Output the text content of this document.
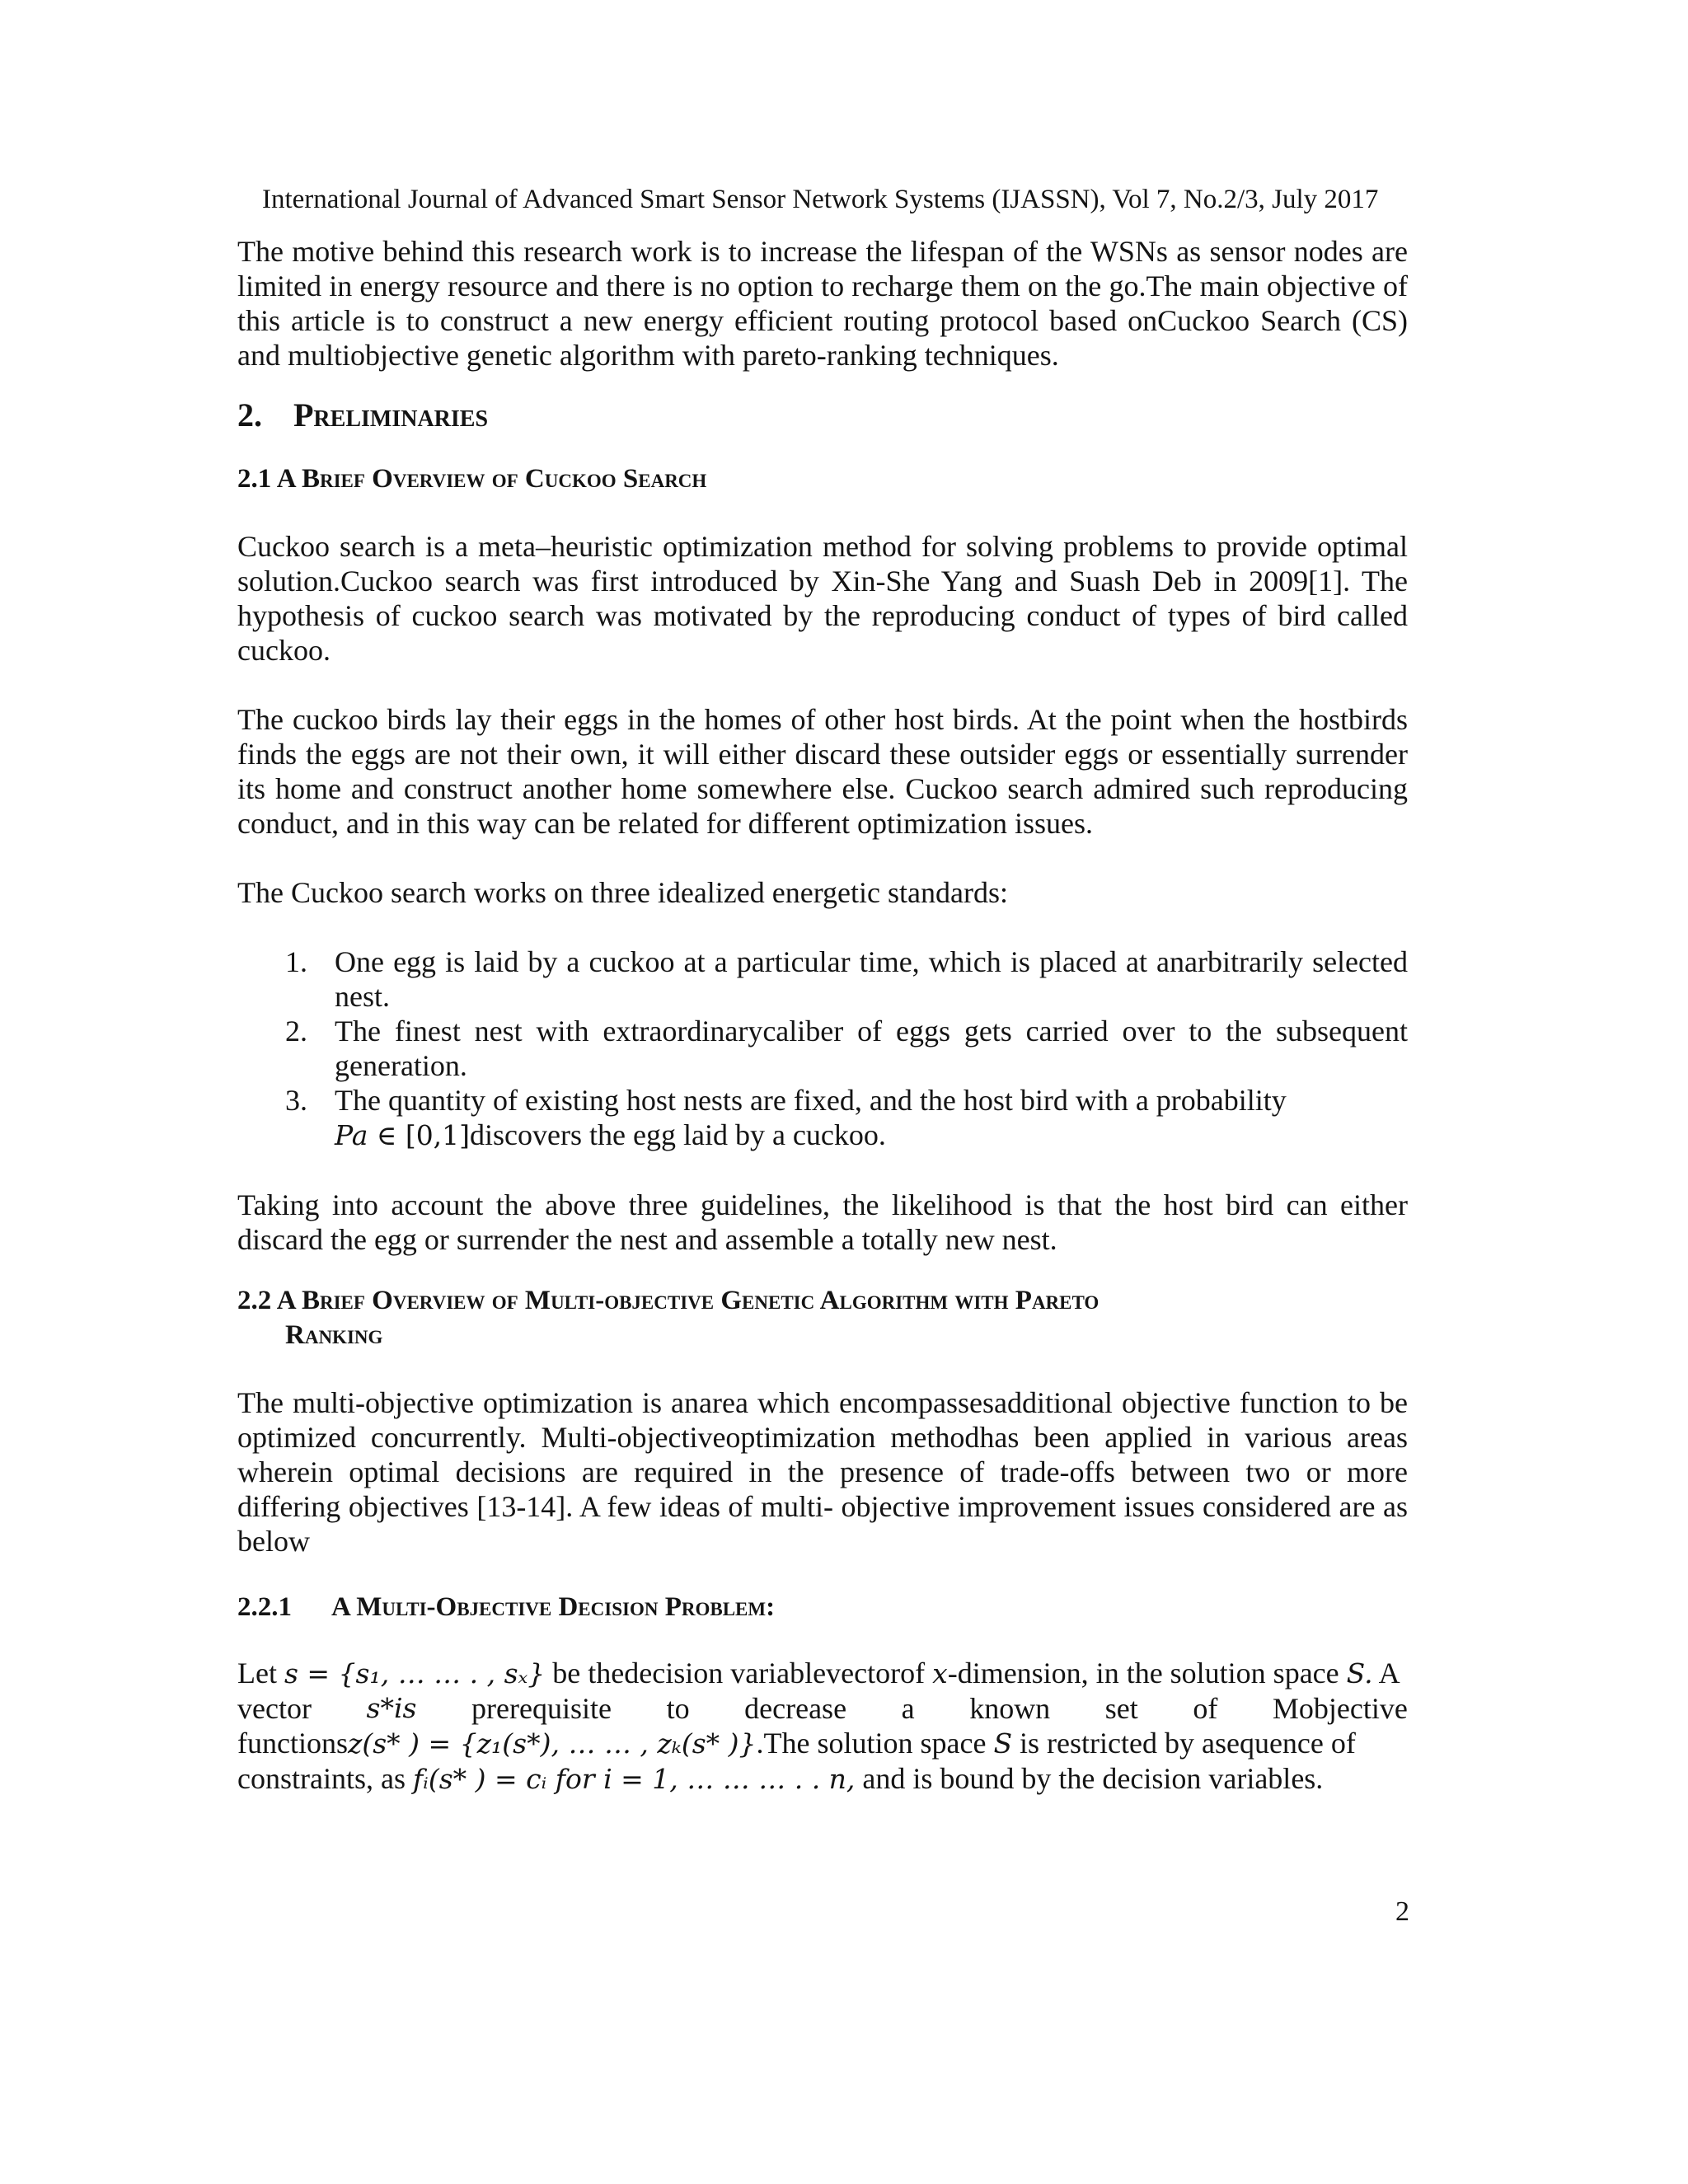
International Journal of Advanced Smart Sensor Network Systems (IJASSN), Vol 7, No.2/3, July 2017

The motive behind this research work is to increase the lifespan of the WSNs as sensor nodes are limited in energy resource and there is no option to recharge them on the go.The main objective of this article is to construct a new energy efficient routing protocol based onCuckoo Search (CS) and multiobjective genetic algorithm with pareto-ranking techniques.

2. Preliminaries
2.1 A Brief Overview of Cuckoo Search

Cuckoo search is a meta–heuristic optimization method for solving problems to provide optimal solution.Cuckoo search was first introduced by Xin-She Yang and Suash Deb in 2009[1]. The hypothesis of cuckoo search was motivated by the reproducing conduct of types of bird called cuckoo.

The cuckoo birds lay their eggs in the homes of other host birds. At the point when the hostbirds finds the eggs are not their own, it will either discard these outsider eggs or essentially surrender its home and construct another home somewhere else. Cuckoo search admired such reproducing conduct, and in this way can be related for different optimization issues.

The Cuckoo search works on three idealized energetic standards:

1. One egg is laid by a cuckoo at a particular time, which is placed at anarbitrarily selected nest.
2. The finest nest with extraordinarycaliber of eggs gets carried over to the subsequent generation.
3. The quantity of existing host nests are fixed, and the host bird with a probability
Pa ∈ [0,1]discovers the egg laid by a cuckoo.

Taking into account the above three guidelines, the likelihood is that the host bird can either discard the egg or surrender the nest and assemble a totally new nest.

2.2 A Brief Overview of Multi-objective Genetic Algorithm with Pareto
Ranking

The multi-objective optimization is anarea which encompassesadditional objective function to be optimized concurrently. Multi-objectiveoptimization methodhas been applied in various areas wherein optimal decisions are required in the presence of trade-offs between two or more differing objectives [13-14]. A few ideas of multi- objective improvement issues considered are as below

2.2.1 A Multi-Objective Decision Problem:

Let s = {s₁, … … . , sₓ} be thedecision variablevectorof x-dimension, in the solution space S. A

vector s*is prerequisite to decrease a known set of Mobjective

functionsz(s* ) = {z₁(s*), … … , zₖ(s* )}.The solution space S is restricted by asequence of

constraints, as fᵢ(s* ) = cᵢ for i = 1, … … … . . n, and is bound by the decision variables.

2
